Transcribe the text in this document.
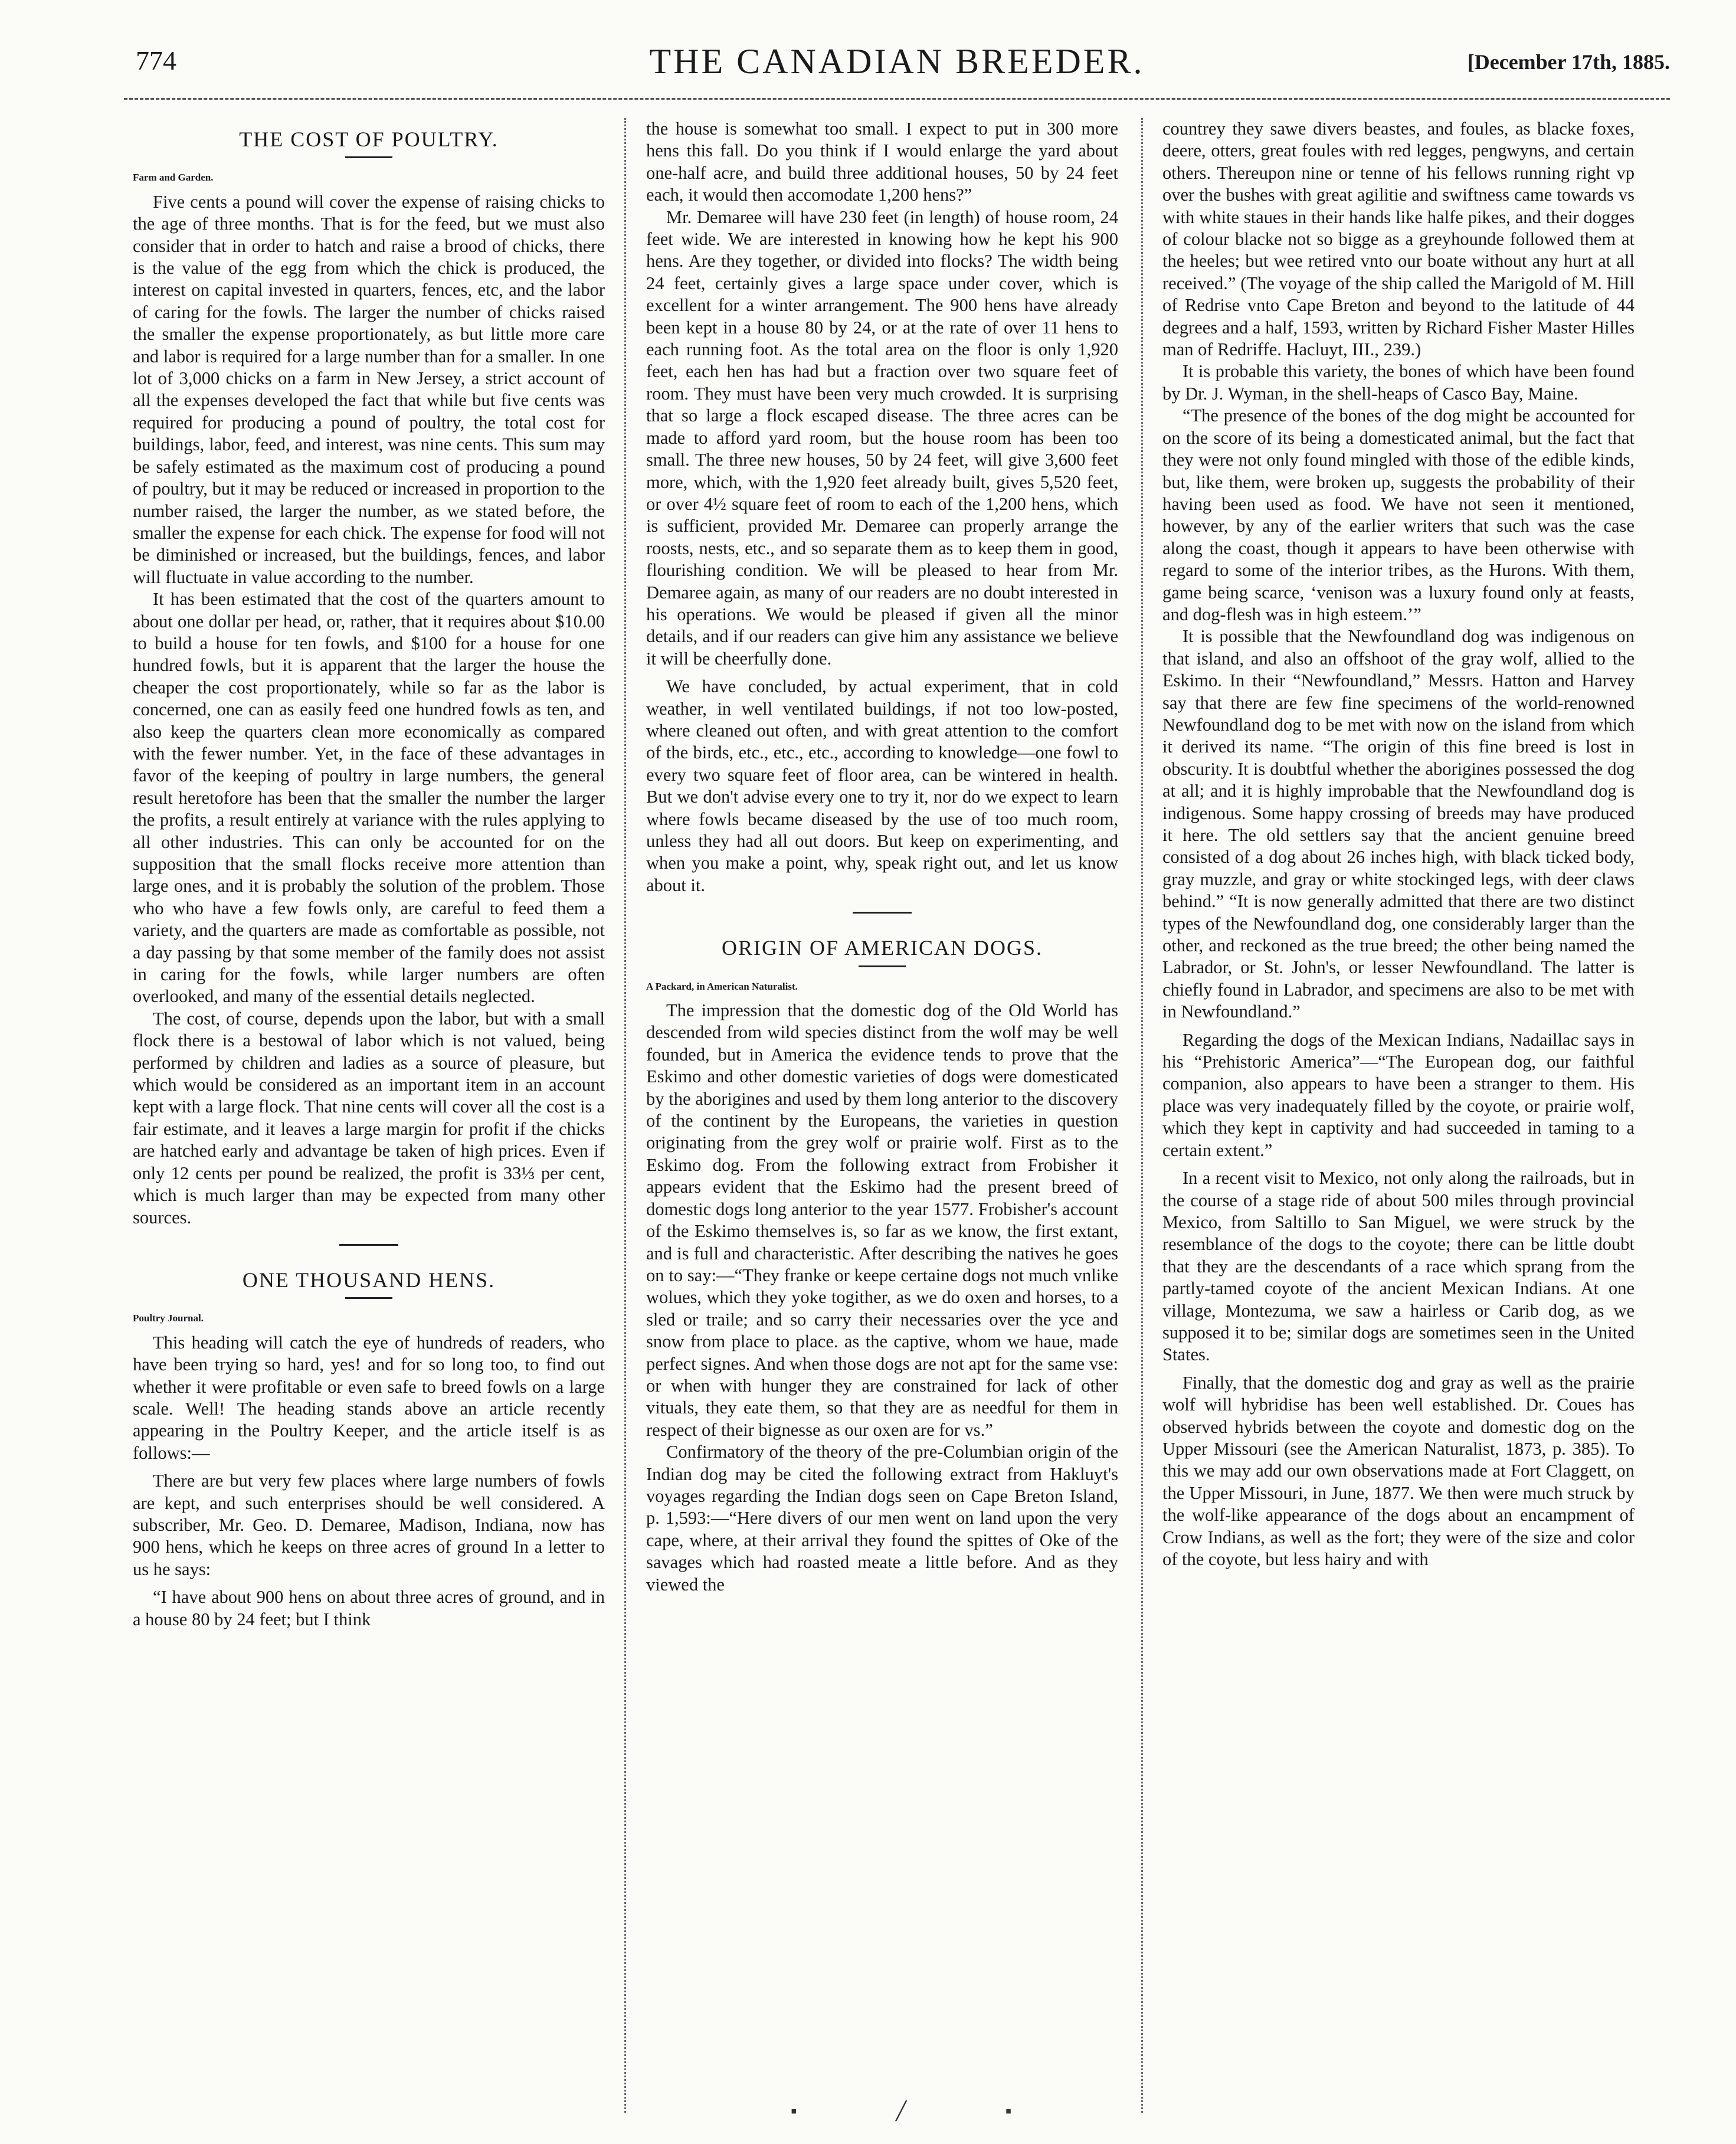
774	THE CANADIAN BREEDER.	[December 17th, 1885.
THE COST OF POULTRY.
Farm and Garden.

Five cents a pound will cover the expense of raising chicks to the age of three months. That is for the feed, but we must also consider that in order to hatch and raise a brood of chicks, there is the value of the egg from which the chick is produced, the interest on capital invested in quarters, fences, etc, and the labor of caring for the fowls. The larger the number of chicks raised the smaller the expense proportionately, as but little more care and labor is required for a large number than for a smaller. In one lot of 3,000 chicks on a farm in New Jersey, a strict account of all the expenses developed the fact that while but five cents was required for producing a pound of poultry, the total cost for buildings, labor, feed, and interest, was nine cents. This sum may be safely estimated as the maximum cost of producing a pound of poultry, but it may be reduced or increased in proportion to the number raised, the larger the number, as we stated before, the smaller the expense for each chick. The expense for food will not be diminished or increased, but the buildings, fences, and labor will fluctuate in value according to the number.

It has been estimated that the cost of the quarters amount to about one dollar per head, or, rather, that it requires about $10.00 to build a house for ten fowls, and $100 for a house for one hundred fowls, but it is apparent that the larger the house the cheaper the cost proportionately, while so far as the labor is concerned, one can as easily feed one hundred fowls as ten, and also keep the quarters clean more economically as compared with the fewer number. Yet, in the face of these advantages in favor of the keeping of poultry in large numbers, the general result heretofore has been that the smaller the number the larger the profits, a result entirely at variance with the rules applying to all other industries. This can only be accounted for on the supposition that the small flocks receive more attention than large ones, and it is probably the solution of the problem. Those who who have a few fowls only, are careful to feed them a variety, and the quarters are made as comfortable as possible, not a day passing by that some member of the family does not assist in caring for the fowls, while larger numbers are often overlooked, and many of the essential details neglected.

The cost, of course, depends upon the labor, but with a small flock there is a bestowal of labor which is not valued, being performed by children and ladies as a source of pleasure, but which would be considered as an important item in an account kept with a large flock. That nine cents will cover all the cost is a fair estimate, and it leaves a large margin for profit if the chicks are hatched early and advantage be taken of high prices. Even if only 12 cents per pound be realized, the profit is 33⅓ per cent, which is much larger than may be expected from many other sources.

ONE THOUSAND HENS.
Poultry Journal.

This heading will catch the eye of hundreds of readers, who have been trying so hard, yes! and for so long too, to find out whether it were profitable or even safe to breed fowls on a large scale. Well! The heading stands above an article recently appearing in the Poultry Keeper, and the article itself is as follows:—

There are but very few places where large numbers of fowls are kept, and such enterprises should be well considered. A subscriber, Mr. Geo. D. Demaree, Madison, Indiana, now has 900 hens, which he keeps on three acres of ground In a letter to us he says:

“I have about 900 hens on about three acres of ground, and in a house 80 by 24 feet; but I think

the house is somewhat too small. I expect to put in 300 more hens this fall. Do you think if I would enlarge the yard about one-half acre, and build three additional houses, 50 by 24 feet each, it would then accomodate 1,200 hens?”

Mr. Demaree will have 230 feet (in length) of house room, 24 feet wide. We are interested in knowing how he kept his 900 hens. Are they together, or divided into flocks? The width being 24 feet, certainly gives a large space under cover, which is excellent for a winter arrangement. The 900 hens have already been kept in a house 80 by 24, or at the rate of over 11 hens to each running foot. As the total area on the floor is only 1,920 feet, each hen has had but a fraction over two square feet of room. They must have been very much crowded. It is surprising that so large a flock escaped disease. The three acres can be made to afford yard room, but the house room has been too small. The three new houses, 50 by 24 feet, will give 3,600 feet more, which, with the 1,920 feet already built, gives 5,520 feet, or over 4½ square feet of room to each of the 1,200 hens, which is sufficient, provided Mr. Demaree can properly arrange the roosts, nests, etc., and so separate them as to keep them in good, flourishing condition. We will be pleased to hear from Mr. Demaree again, as many of our readers are no doubt interested in his operations. We would be pleased if given all the minor details, and if our readers can give him any assistance we believe it will be cheerfully done.

We have concluded, by actual experiment, that in cold weather, in well ventilated buildings, if not too low-posted, where cleaned out often, and with great attention to the comfort of the birds, etc., etc., etc., according to knowledge—one fowl to every two square feet of floor area, can be wintered in health. But we don't advise every one to try it, nor do we expect to learn where fowls became diseased by the use of too much room, unless they had all out doors. But keep on experimenting, and when you make a point, why, speak right out, and let us know about it.

ORIGIN OF AMERICAN DOGS.
A Packard, in American Naturalist.

The impression that the domestic dog of the Old World has descended from wild species distinct from the wolf may be well founded, but in America the evidence tends to prove that the Eskimo and other domestic varieties of dogs were domesticated by the aborigines and used by them long anterior to the discovery of the continent by the Europeans, the varieties in question originating from the grey wolf or prairie wolf. First as to the Eskimo dog. From the following extract from Frobisher it appears evident that the Eskimo had the present breed of domestic dogs long anterior to the year 1577. Frobisher's account of the Eskimo themselves is, so far as we know, the first extant, and is full and characteristic. After describing the natives he goes on to say:—“They franke or keepe certaine dogs not much vnlike wolues, which they yoke togither, as we do oxen and horses, to a sled or traile; and so carry their necessaries over the yce and snow from place to place. as the captive, whom we haue, made perfect signes. And when those dogs are not apt for the same vse: or when with hunger they are constrained for lack of other vituals, they eate them, so that they are as needful for them in respect of their bignesse as our oxen are for vs.”

Confirmatory of the theory of the pre-Columbian origin of the Indian dog may be cited the following extract from Hakluyt's voyages regarding the Indian dogs seen on Cape Breton Island, p. 1,593:—“Here divers of our men went on land upon the very cape, where, at their arrival they found the spittes of Oke of the savages which had roasted meate a little before. And as they viewed the

countrey they sawe divers beastes, and foules, as blacke foxes, deere, otters, great foules with red legges, pengwyns, and certain others. Thereupon nine or tenne of his fellows running right vp over the bushes with great agilitie and swiftness came towards vs with white staues in their hands like halfe pikes, and their dogges of colour blacke not so bigge as a greyhounde followed them at the heeles; but wee retired vnto our boate without any hurt at all received.” (The voyage of the ship called the Marigold of M. Hill of Redrise vnto Cape Breton and beyond to the latitude of 44 degrees and a half, 1593, written by Richard Fisher Master Hilles man of Redriffe. Hacluyt, III., 239.)

It is probable this variety, the bones of which have been found by Dr. J. Wyman, in the shell-heaps of Casco Bay, Maine.

“The presence of the bones of the dog might be accounted for on the score of its being a domesticated animal, but the fact that they were not only found mingled with those of the edible kinds, but, like them, were broken up, suggests the probability of their having been used as food. We have not seen it mentioned, however, by any of the earlier writers that such was the case along the coast, though it appears to have been otherwise with regard to some of the interior tribes, as the Hurons. With them, game being scarce, ‘venison was a luxury found only at feasts, and dog-flesh was in high esteem.’”

It is possible that the Newfoundland dog was indigenous on that island, and also an offshoot of the gray wolf, allied to the Eskimo. In their “Newfoundland,” Messrs. Hatton and Harvey say that there are few fine specimens of the world-renowned Newfoundland dog to be met with now on the island from which it derived its name. “The origin of this fine breed is lost in obscurity. It is doubtful whether the aborigines possessed the dog at all; and it is highly improbable that the Newfoundland dog is indigenous. Some happy crossing of breeds may have produced it here. The old settlers say that the ancient genuine breed consisted of a dog about 26 inches high, with black ticked body, gray muzzle, and gray or white stockinged legs, with deer claws behind.” “It is now generally admitted that there are two distinct types of the Newfoundland dog, one considerably larger than the other, and reckoned as the true breed; the other being named the Labrador, or St. John's, or lesser Newfoundland. The latter is chiefly found in Labrador, and specimens are also to be met with in Newfoundland.”

Regarding the dogs of the Mexican Indians, Nadaillac says in his “Prehistoric America”—“The European dog, our faithful companion, also appears to have been a stranger to them. His place was very inadequately filled by the coyote, or prairie wolf, which they kept in captivity and had succeeded in taming to a certain extent.”

In a recent visit to Mexico, not only along the railroads, but in the course of a stage ride of about 500 miles through provincial Mexico, from Saltillo to San Miguel, we were struck by the resemblance of the dogs to the coyote; there can be little doubt that they are the descendants of a race which sprang from the partly-tamed coyote of the ancient Mexican Indians. At one village, Montezuma, we saw a hairless or Carib dog, as we supposed it to be; similar dogs are sometimes seen in the United States.

Finally, that the domestic dog and gray as well as the prairie wolf will hybridise has been well established. Dr. Coues has observed hybrids between the coyote and domestic dog on the Upper Missouri (see the American Naturalist, 1873, p. 385). To this we may add our own observations made at Fort Claggett, on the Upper Missouri, in June, 1877. We then were much struck by the wolf-like appearance of the dogs about an encampment of Crow Indians, as well as the fort; they were of the size and color of the coyote, but less hairy and with

▪ ╱ ▪
